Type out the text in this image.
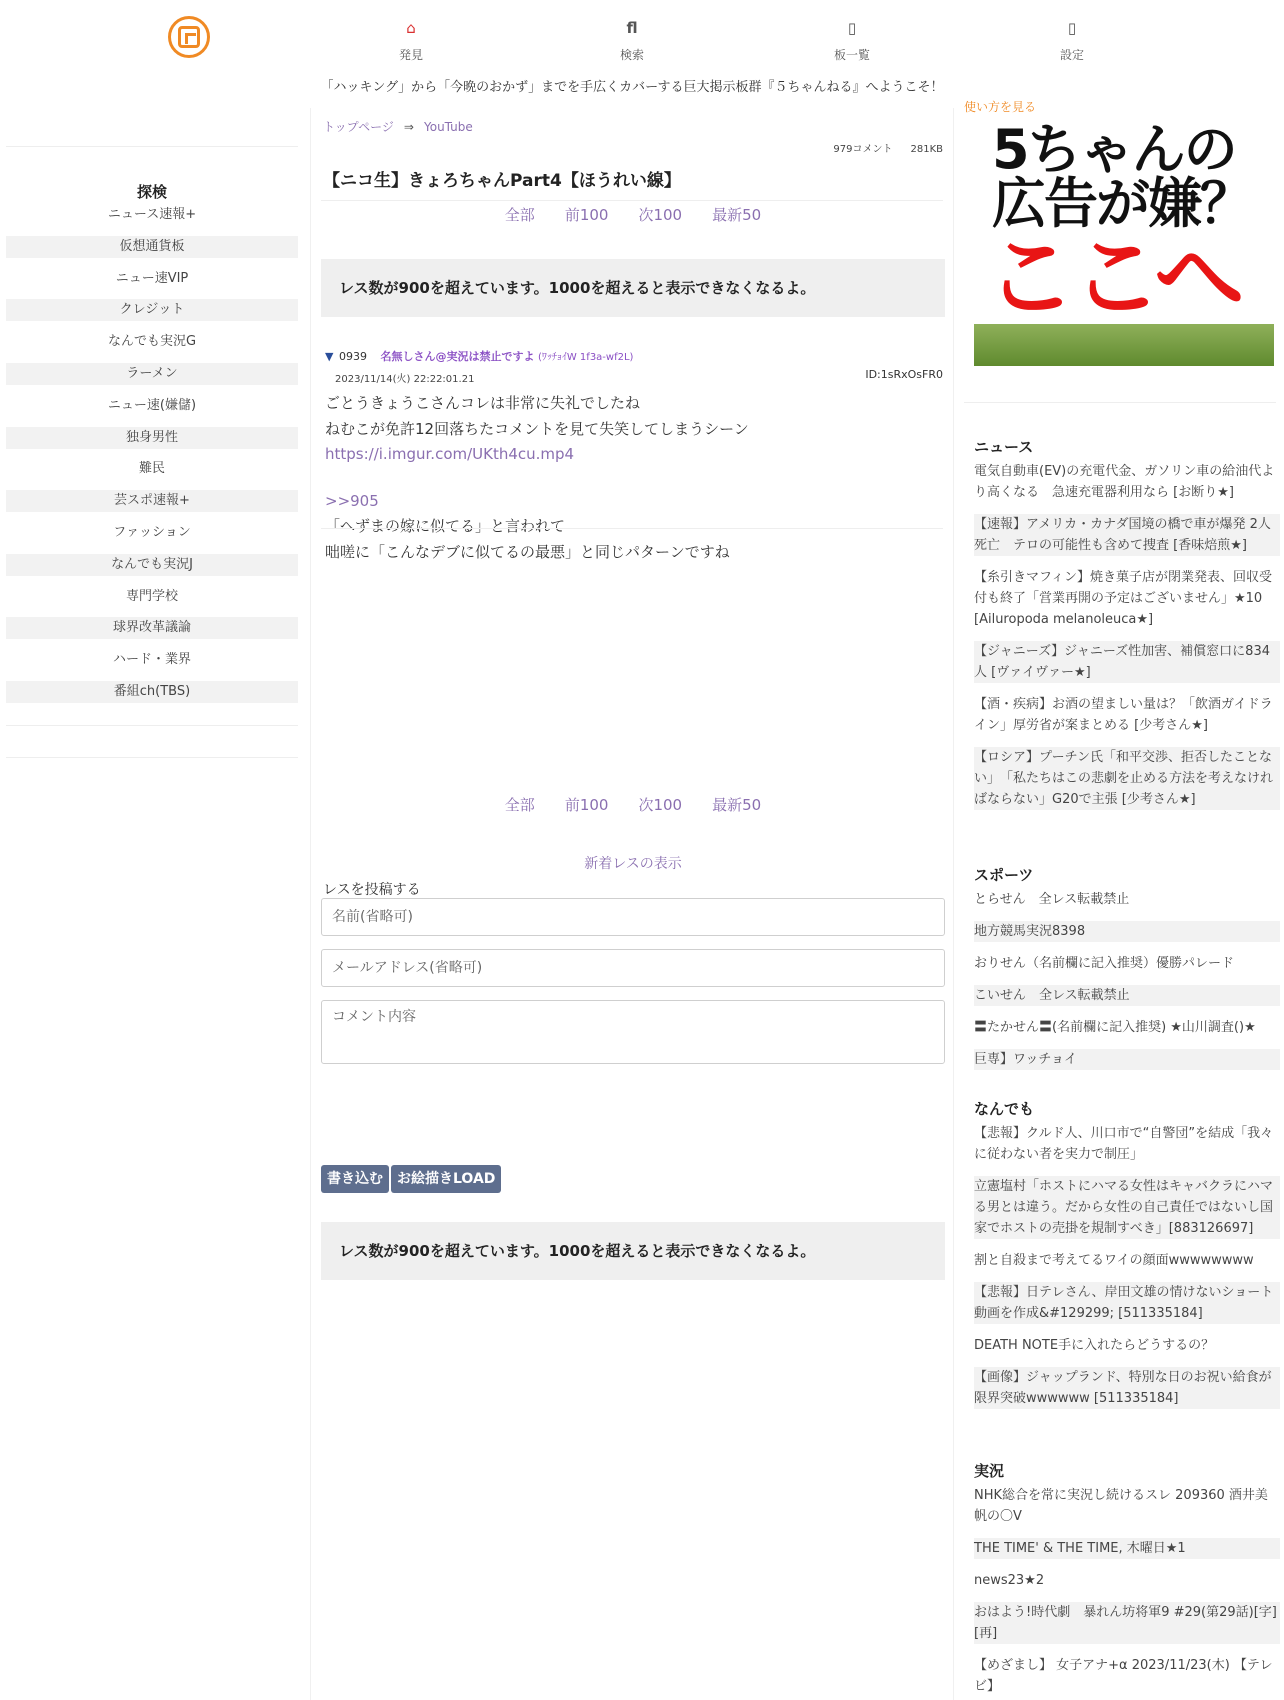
⌂
発見
fl
検索
▯
板一覧
▯
設定
「ハッキング」から「今晩のおかず」までを手広くカバーする巨大掲示板群『５ちゃんねる』へようこそ！
探検
ニュース速報+
仮想通貨板
ニュー速VIP
クレジット
なんでも実況G
ラーメン
ニュー速(嫌儲)
独身男性
難民
芸スポ速報+
ファッション
なんでも実況J
専門学校
球界改革議論
ハード・業界
番組ch(TBS)
トップページ ⇒ YouTube
979コメント 281KB
【ニコ生】きょろちゃんPart4【ほうれい線】
全部 前100 次100 最新50
レス数が900を超えています。1000を超えると表示できなくなるよ。
▼ 0939 名無しさん@実況は禁止ですよ (ﾜｯﾁｮｲW 1f3a-wf2L)
2023/11/14(火) 22:22:01.21	ID:1sRxOsFR0
ごとうきょうこさんコレは非常に失礼でしたね
ねむこが免許12回落ちたコメントを見て失笑してしまうシーン
https://i.imgur.com/UKth4cu.mp4
>>905
「へずまの嫁に似てる」と言われて
咄嗟に「こんなデブに似てるの最悪」と同じパターンですね
全部 前100 次100 最新50
新着レスの表示
レスを投稿する
名前(省略可)
メールアドレス(省略可)
コメント内容
書き込む	お絵描きLOAD
レス数が900を超えています。1000を超えると表示できなくなるよ。
使い方を見る
5ちゃんの
広告が嫌？
ここへ
ニュース
電気自動車(EV)の充電代金、ガソリン車の給油代より高くなる　急速充電器利用なら [お断り★]
【速報】アメリカ・カナダ国境の橋で車が爆発 2人死亡　テロの可能性も含めて捜査 [香味焙煎★]
【糸引きマフィン】焼き菓子店が閉業発表、回収受付も終了「営業再開の予定はございません」★10 [Ailuropoda melanoleuca★]
【ジャニーズ】ジャニーズ性加害、補償窓口に834人 [ヴァイヴァー★]
【酒・疾病】お酒の望ましい量は？「飲酒ガイドライン」厚労省が案まとめる [少考さん★]
【ロシア】プーチン氏「和平交渉、拒否したことない」　「私たちはこの悲劇を止める方法を考えなければならない」G20で主張 [少考さん★]
スポーツ
とらせん　全レス転載禁止
地方競馬実況8398
おりせん（名前欄に記入推奨）優勝パレード
こいせん　全レス転載禁止
〓たかせん〓(名前欄に記入推奨) ★山川調査()★
巨専】ワッチョイ
なんでも
【悲報】クルド人、川口市で“自警団”を結成「我々に従わない者を実力で制圧」
立憲塩村「ホストにハマる女性はキャバクラにハマる男とは違う。だから女性の自己責任ではないし国家でホストの売掛を規制すべき」[883126697]
割と自殺まで考えてるワイの顔面wwwwwwww
【悲報】日テレさん、岸田文雄の情けないショート動画を作成&#129299; [511335184]
DEATH NOTE手に入れたらどうするの？
【画像】ジャップランド、特別な日のお祝い給食が限界突破wwwwww [511335184]
実況
NHK総合を常に実況し続けるスレ 209360 酒井美帆の〇V
THE TIME' & THE TIME, 木曜日★1
news23★2
おはよう!時代劇　暴れん坊将軍9 #29(第29話)[字][再]
【めざまし】 女子アナ+α 2023/11/23(木) 【テレビ】
